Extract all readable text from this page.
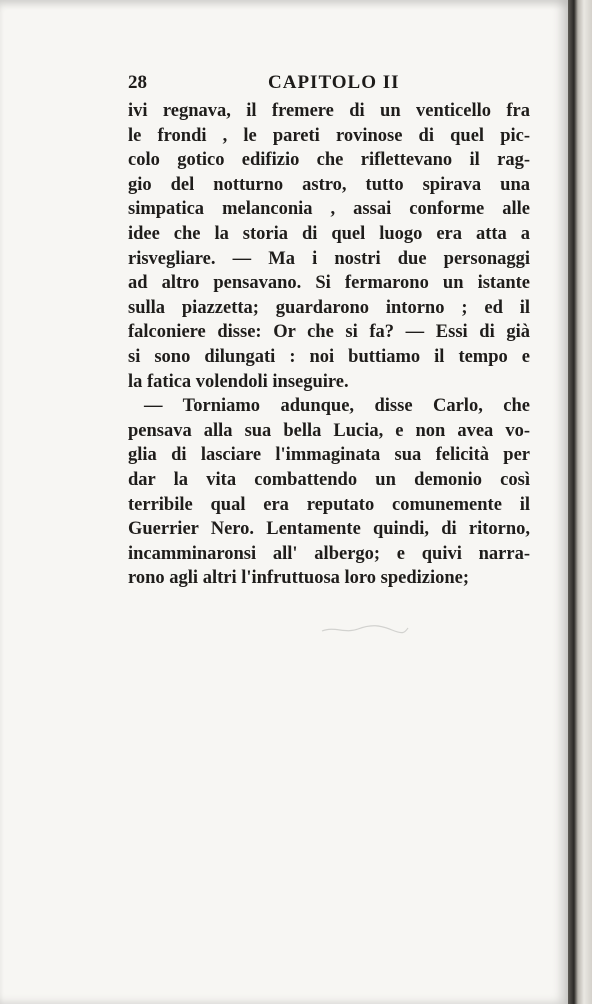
28	CAPITOLO II
ivi regnava, il fremere di un venticello fra
le frondi , le pareti rovinose di quel pic-
colo gotico edifizio che riflettevano il rag-
gio del notturno astro, tutto spirava una
simpatica melanconia , assai conforme alle
idee che la storia di quel luogo era atta a
risvegliare. — Ma i nostri due personaggi
ad altro pensavano. Si fermarono un istante
sulla piazzetta; guardarono intorno ; ed il
falconiere disse: Or che si fa? — Essi di già
si sono dilungati : noi buttiamo il tempo e
la fatica volendoli inseguire.
— Torniamo adunque, disse Carlo, che
pensava alla sua bella Lucia, e non avea vo-
glia di lasciare l'immaginata sua felicità per
dar la vita combattendo un demonio così
terribile qual era reputato comunemente il
Guerrier Nero. Lentamente quindi, di ritorno,
incamminaronsi all' albergo; e quivi narra-
rono agli altri l'infruttuosa loro spedizione;
